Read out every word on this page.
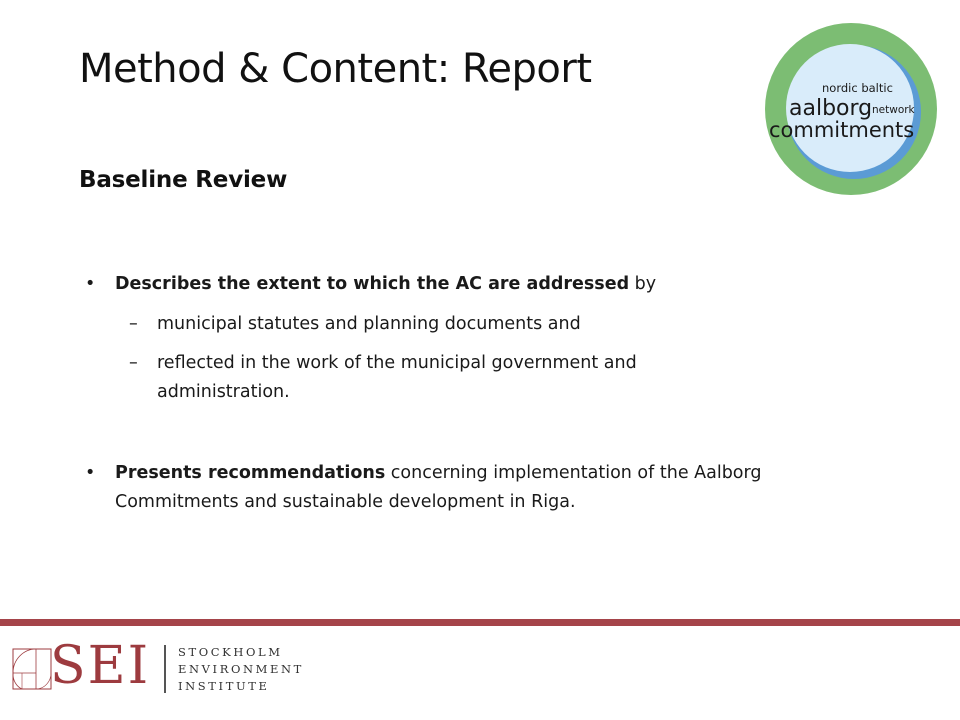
Method & Content: Report	nordic baltic
aalborg network
commitments
Baseline Review
• Describes the extent to which the AC are addressed by
– municipal statutes and planning documents and
– reflected in the work of the municipal government and administration.
• Presents recommendations concerning implementation of the Aalborg Commitments and sustainable development in Riga.
SEI STOCKHOLM
ENVIRONMENT
INSTITUTE
